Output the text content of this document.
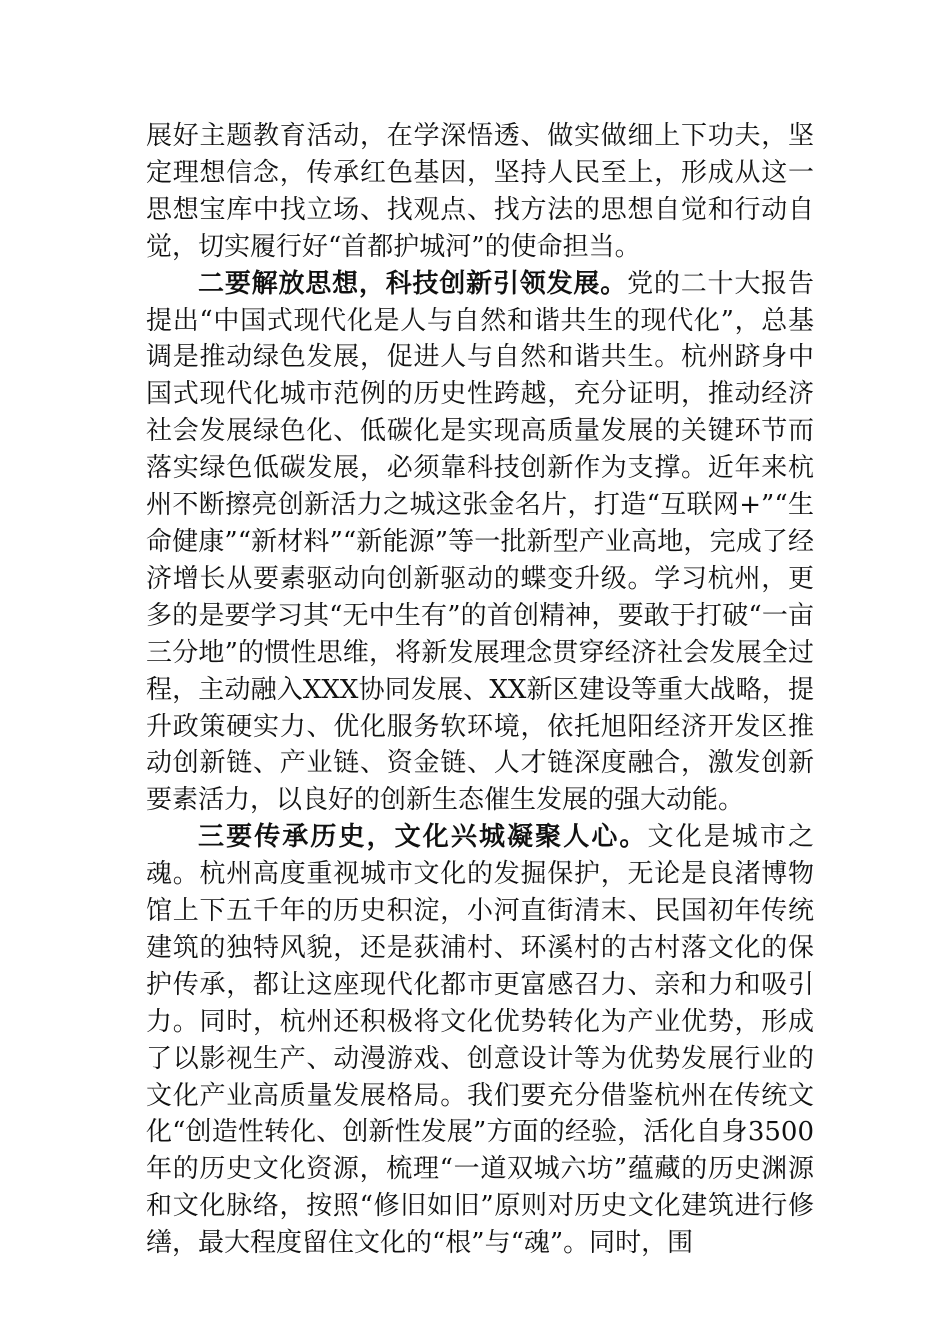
展好主题教育活动，在学深悟透、做实做细上下功夫，坚定理想信念，传承红色基因，坚持人民至上，形成从这一思想宝库中找立场、找观点、找方法的思想自觉和行动自觉，切实履行好“首都护城河”的使命担当。

二要解放思想，科技创新引领发展。党的二十大报告提出“中国式现代化是人与自然和谐共生的现代化”，总基调是推动绿色发展，促进人与自然和谐共生。杭州跻身中国式现代化城市范例的历史性跨越，充分证明，推动经济社会发展绿色化、低碳化是实现高质量发展的关键环节而落实绿色低碳发展，必须靠科技创新作为支撑。近年来杭州不断擦亮创新活力之城这张金名片，打造“互联网+”“生命健康”“新材料”“新能源”等一批新型产业高地，完成了经济增长从要素驱动向创新驱动的蝶变升级。学习杭州，更多的是要学习其“无中生有”的首创精神，要敢于打破“一亩三分地”的惯性思维，将新发展理念贯穿经济社会发展全过程，主动融入XXX协同发展、XX新区建设等重大战略，提升政策硬实力、优化服务软环境，依托旭阳经济开发区推动创新链、产业链、资金链、人才链深度融合，激发创新要素活力，以良好的创新生态催生发展的强大动能。

三要传承历史，文化兴城凝聚人心。文化是城市之魂。杭州高度重视城市文化的发掘保护，无论是良渚博物馆上下五千年的历史积淀，小河直街清末、民国初年传统建筑的独特风貌，还是荻浦村、环溪村的古村落文化的保护传承，都让这座现代化都市更富感召力、亲和力和吸引力。同时，杭州还积极将文化优势转化为产业优势，形成了以影视生产、动漫游戏、创意设计等为优势发展行业的文化产业高质量发展格局。我们要充分借鉴杭州在传统文化“创造性转化、创新性发展”方面的经验，活化自身3500年的历史文化资源，梳理“一道双城六坊”蕴藏的历史渊源和文化脉络，按照“修旧如旧”原则对历史文化建筑进行修缮，最大程度留住文化的“根”与“魂”。同时，围
